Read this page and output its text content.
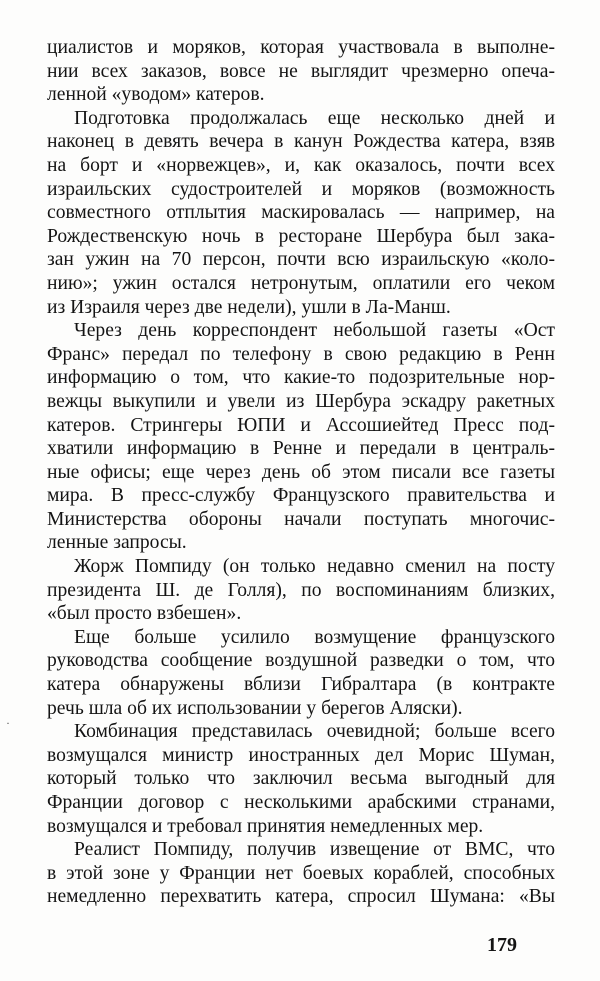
циалистов и моряков, которая участвовала в выполне-
нии всех заказов, вовсе не выглядит чрезмерно опеча-
ленной «уводом» катеров.
Подготовка продолжалась еще несколько дней и
наконец в девять вечера в канун Рождества катера, взяв
на борт и «норвежцев», и, как оказалось, почти всех
израильских судостроителей и моряков (возможность
совместного отплытия маскировалась — например, на
Рождественскую ночь в ресторане Шербура был зака-
зан ужин на 70 персон, почти всю израильскую «коло-
нию»; ужин остался нетронутым, оплатили его чеком
из Израиля через две недели), ушли в Ла-Манш.
Через день корреспондент небольшой газеты «Ост
Франс» передал по телефону в свою редакцию в Ренн
информацию о том, что какие-то подозрительные нор-
вежцы выкупили и увели из Шербура эскадру ракетных
катеров. Стрингеры ЮПИ и Ассошиейтед Пресс под-
хватили информацию в Ренне и передали в централь-
ные офисы; еще через день об этом писали все газеты
мира. В пресс-службу Французского правительства и
Министерства обороны начали поступать многочис-
ленные запросы.
Жорж Помпиду (он только недавно сменил на посту
президента Ш. де Голля), по воспоминаниям близких,
«был просто взбешен».
Еще больше усилило возмущение французского
руководства сообщение воздушной разведки о том, что
катера обнаружены вблизи Гибралтара (в контракте
речь шла об их использовании у берегов Аляски).
Комбинация представилась очевидной; больше всего
возмущался министр иностранных дел Морис Шуман,
который только что заключил весьма выгодный для
Франции договор с несколькими арабскими странами,
возмущался и требовал принятия немедленных мер.
Реалист Помпиду, получив извещение от ВМС, что
в этой зоне у Франции нет боевых кораблей, способных
немедленно перехватить катера, спросил Шумана: «Вы
·
179
